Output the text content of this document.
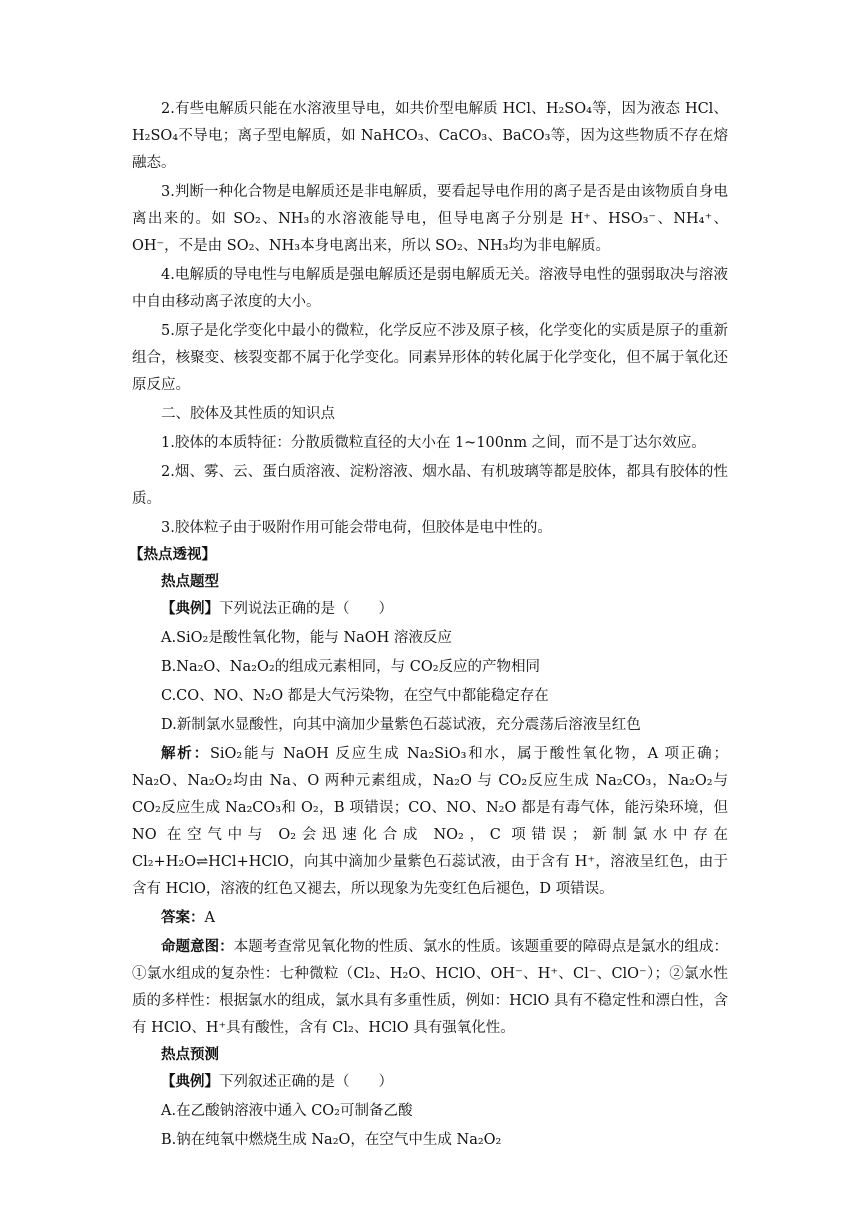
2.有些电解质只能在水溶液里导电，如共价型电解质 HCl、H₂SO₄等，因为液态 HCl、H₂SO₄不导电；离子型电解质，如 NaHCO₃、CaCO₃、BaCO₃等，因为这些物质不存在熔融态。

3.判断一种化合物是电解质还是非电解质，要看起导电作用的离子是否是由该物质自身电离出来的。如 SO₂、NH₃的水溶液能导电，但导电离子分别是 H⁺、HSO₃⁻、NH₄⁺、OH⁻，不是由 SO₂、NH₃本身电离出来，所以 SO₂、NH₃均为非电解质。

4.电解质的导电性与电解质是强电解质还是弱电解质无关。溶液导电性的强弱取决与溶液中自由移动离子浓度的大小。

5.原子是化学变化中最小的微粒，化学反应不涉及原子核，化学变化的实质是原子的重新组合，核聚变、核裂变都不属于化学变化。同素异形体的转化属于化学变化，但不属于氧化还原反应。

二、胶体及其性质的知识点

1.胶体的本质特征：分散质微粒直径的大小在 1~100nm 之间，而不是丁达尔效应。

2.烟、雾、云、蛋白质溶液、淀粉溶液、烟水晶、有机玻璃等都是胶体，都具有胶体的性质。

3.胶体粒子由于吸附作用可能会带电荷，但胶体是电中性的。

【热点透视】

热点题型

【典例】下列说法正确的是（　　）

A.SiO₂是酸性氧化物，能与 NaOH 溶液反应

B.Na₂O、Na₂O₂的组成元素相同，与 CO₂反应的产物相同

C.CO、NO、N₂O 都是大气污染物，在空气中都能稳定存在

D.新制氯水显酸性，向其中滴加少量紫色石蕊试液，充分震荡后溶液呈红色

解析：SiO₂能与 NaOH 反应生成 Na₂SiO₃和水，属于酸性氧化物，A 项正确；Na₂O、Na₂O₂均由 Na、O 两种元素组成，Na₂O 与 CO₂反应生成 Na₂CO₃，Na₂O₂与 CO₂反应生成 Na₂CO₃和 O₂，B 项错误；CO、NO、N₂O 都是有毒气体，能污染环境，但 NO 在空气中与 O₂会迅速化合成 NO₂，C 项错误；新制氯水中存在 Cl₂+H₂O⇌HCl+HClO，向其中滴加少量紫色石蕊试液，由于含有 H⁺，溶液呈红色，由于含有 HClO，溶液的红色又褪去，所以现象为先变红色后褪色，D 项错误。

答案：A

命题意图：本题考查常见氧化物的性质、氯水的性质。该题重要的障碍点是氯水的组成：①氯水组成的复杂性：七种微粒（Cl₂、H₂O、HClO、OH⁻、H⁺、Cl⁻、ClO⁻）；②氯水性质的多样性：根据氯水的组成，氯水具有多重性质，例如：HClO 具有不稳定性和漂白性，含有 HClO、H⁺具有酸性，含有 Cl₂、HClO 具有强氧化性。

热点预测

【典例】下列叙述正确的是（　　）

A.在乙酸钠溶液中通入 CO₂可制备乙酸

B.钠在纯氧中燃烧生成 Na₂O，在空气中生成 Na₂O₂
